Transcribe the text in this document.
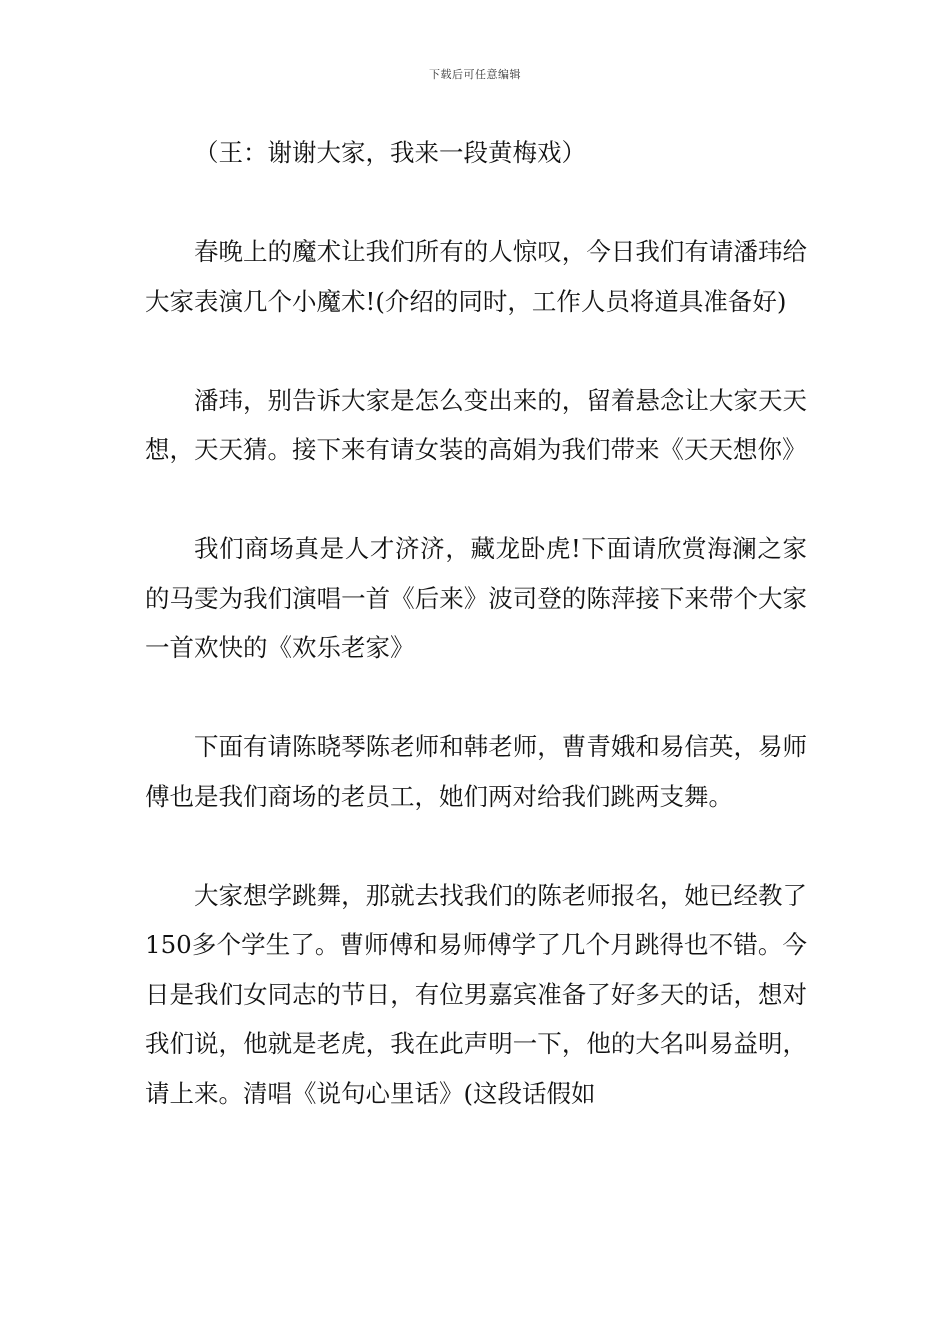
下载后可任意编辑

（王：谢谢大家，我来一段黄梅戏）

春晚上的魔术让我们所有的人惊叹，今日我们有请潘玮给大家表演几个小魔术!(介绍的同时，工作人员将道具准备好)

潘玮，别告诉大家是怎么变出来的，留着悬念让大家天天想，天天猜。接下来有请女装的高娟为我们带来《天天想你》

我们商场真是人才济济，藏龙卧虎!下面请欣赏海澜之家的马雯为我们演唱一首《后来》波司登的陈萍接下来带个大家一首欢快的《欢乐老家》

下面有请陈晓琴陈老师和韩老师，曹青娥和易信英，易师傅也是我们商场的老员工，她们两对给我们跳两支舞。

大家想学跳舞，那就去找我们的陈老师报名，她已经教了150多个学生了。曹师傅和易师傅学了几个月跳得也不错。今日是我们女同志的节日，有位男嘉宾准备了好多天的话，想对我们说，他就是老虎，我在此声明一下，他的大名叫易益明，请上来。清唱《说句心里话》(这段话假如
